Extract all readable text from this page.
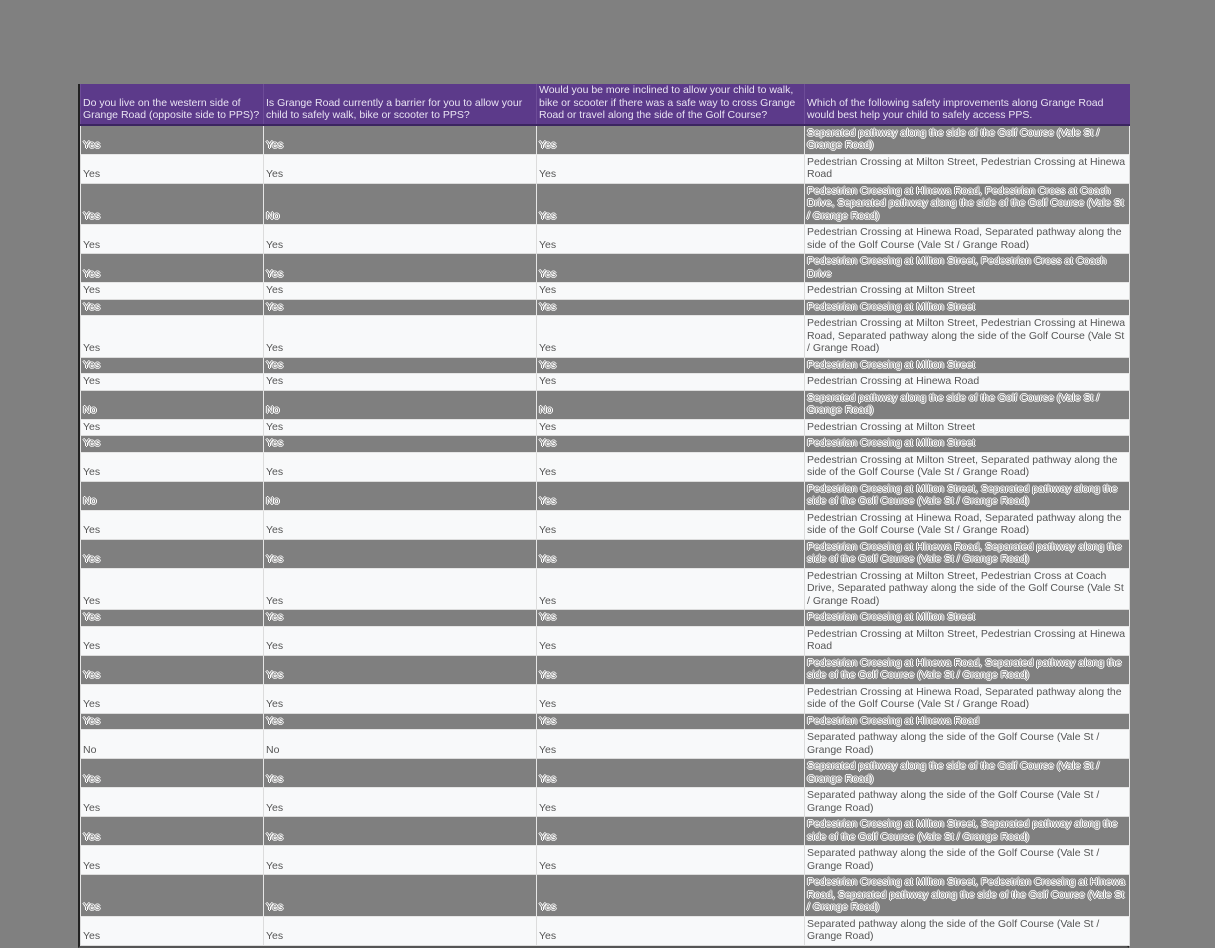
Do you live on the western side of Grange Road (opposite side to PPS)?	Is Grange Road currently a barrier for you to allow your child to safely walk, bike or scooter to PPS?	Would you be more inclined to allow your child to walk, bike or scooter if there was a safe way to cross Grange Road or travel along the side of the Golf Course?	Which of the following safety improvements along Grange Road would best help your child to safely access PPS.
Yes	Yes	Yes	Separated pathway along the side of the Golf Course (Vale St / Grange Road)
Yes	Yes	Yes	Pedestrian Crossing at Milton Street, Pedestrian Crossing at Hinewa Road
Yes	No	Yes	Pedestrian Crossing at Hinewa Road, Pedestrian Cross at Coach Drive, Separated pathway along the side of the Golf Course (Vale St / Grange Road)
Yes	Yes	Yes	Pedestrian Crossing at Hinewa Road, Separated pathway along the side of the Golf Course (Vale St / Grange Road)
Yes	Yes	Yes	Pedestrian Crossing at Milton Street, Pedestrian Cross at Coach Drive
Yes	Yes	Yes	Pedestrian Crossing at Milton Street
Yes	Yes	Yes	Pedestrian Crossing at Milton Street
Yes	Yes	Yes	Pedestrian Crossing at Milton Street, Pedestrian Crossing at Hinewa Road, Separated pathway along the side of the Golf Course (Vale St / Grange Road)
Yes	Yes	Yes	Pedestrian Crossing at Milton Street
Yes	Yes	Yes	Pedestrian Crossing at Hinewa Road
No	No	No	Separated pathway along the side of the Golf Course (Vale St / Grange Road)
Yes	Yes	Yes	Pedestrian Crossing at Milton Street
Yes	Yes	Yes	Pedestrian Crossing at Milton Street
Yes	Yes	Yes	Pedestrian Crossing at Milton Street, Separated pathway along the side of the Golf Course (Vale St / Grange Road)
No	No	Yes	Pedestrian Crossing at Milton Street, Separated pathway along the side of the Golf Course (Vale St / Grange Road)
Yes	Yes	Yes	Pedestrian Crossing at Hinewa Road, Separated pathway along the side of the Golf Course (Vale St / Grange Road)
Yes	Yes	Yes	Pedestrian Crossing at Hinewa Road, Separated pathway along the side of the Golf Course (Vale St / Grange Road)
Yes	Yes	Yes	Pedestrian Crossing at Milton Street, Pedestrian Cross at Coach Drive, Separated pathway along the side of the Golf Course (Vale St / Grange Road)
Yes	Yes	Yes	Pedestrian Crossing at Milton Street
Yes	Yes	Yes	Pedestrian Crossing at Milton Street, Pedestrian Crossing at Hinewa Road
Yes	Yes	Yes	Pedestrian Crossing at Hinewa Road, Separated pathway along the side of the Golf Course (Vale St / Grange Road)
Yes	Yes	Yes	Pedestrian Crossing at Hinewa Road, Separated pathway along the side of the Golf Course (Vale St / Grange Road)
Yes	Yes	Yes	Pedestrian Crossing at Hinewa Road
No	No	Yes	Separated pathway along the side of the Golf Course (Vale St / Grange Road)
Yes	Yes	Yes	Separated pathway along the side of the Golf Course (Vale St / Grange Road)
Yes	Yes	Yes	Separated pathway along the side of the Golf Course (Vale St / Grange Road)
Yes	Yes	Yes	Pedestrian Crossing at Milton Street, Separated pathway along the side of the Golf Course (Vale St / Grange Road)
Yes	Yes	Yes	Separated pathway along the side of the Golf Course (Vale St / Grange Road)
Yes	Yes	Yes	Pedestrian Crossing at Milton Street, Pedestrian Crossing at Hinewa Road, Separated pathway along the side of the Golf Course (Vale St / Grange Road)
Yes	Yes	Yes	Separated pathway along the side of the Golf Course (Vale St / Grange Road)
